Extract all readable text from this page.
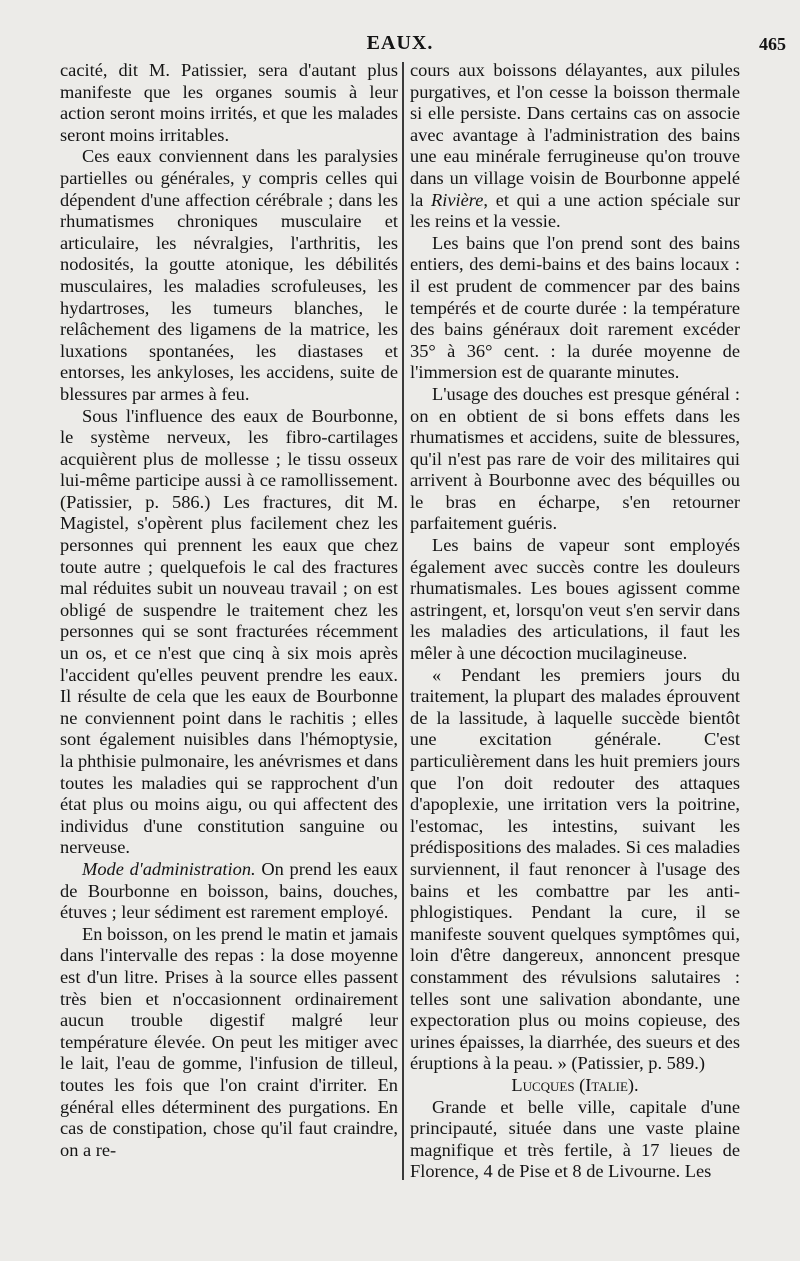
EAUX.	465

cacité, dit M. Patissier, sera d'autant plus manifeste que les organes soumis à leur action seront moins irrités, et que les malades seront moins irritables.

Ces eaux conviennent dans les paralysies partielles ou générales, y compris celles qui dépendent d'une affection cérébrale ; dans les rhumatismes chroniques musculaire et articulaire, les névralgies, l'arthritis, les nodosités, la goutte atonique, les débilités musculaires, les maladies scrofuleuses, les hydartroses, les tumeurs blanches, le relâchement des ligamens de la matrice, les luxations spontanées, les diastases et entorses, les ankyloses, les accidens, suite de blessures par armes à feu.

Sous l'influence des eaux de Bourbonne, le système nerveux, les fibro-cartilages acquièrent plus de mollesse ; le tissu osseux lui-même participe aussi à ce ramollissement. (Patissier, p. 586.) Les fractures, dit M. Magistel, s'opèrent plus facilement chez les personnes qui prennent les eaux que chez toute autre ; quelquefois le cal des fractures mal réduites subit un nouveau travail ; on est obligé de suspendre le traitement chez les personnes qui se sont fracturées récemment un os, et ce n'est que cinq à six mois après l'accident qu'elles peuvent prendre les eaux. Il résulte de cela que les eaux de Bourbonne ne conviennent point dans le rachitis ; elles sont également nuisibles dans l'hémoptysie, la phthisie pulmonaire, les anévrismes et dans toutes les maladies qui se rapprochent d'un état plus ou moins aigu, ou qui affectent des individus d'une constitution sanguine ou nerveuse.

Mode d'administration. On prend les eaux de Bourbonne en boisson, bains, douches, étuves ; leur sédiment est rarement employé.

En boisson, on les prend le matin et jamais dans l'intervalle des repas : la dose moyenne est d'un litre. Prises à la source elles passent très bien et n'occasionnent ordinairement aucun trouble digestif malgré leur température élevée. On peut les mitiger avec le lait, l'eau de gomme, l'infusion de tilleul, toutes les fois que l'on craint d'irriter. En général elles déterminent des purgations. En cas de constipation, chose qu'il faut craindre, on a re-

cours aux boissons délayantes, aux pilules purgatives, et l'on cesse la boisson thermale si elle persiste. Dans certains cas on associe avec avantage à l'administration des bains une eau minérale ferrugineuse qu'on trouve dans un village voisin de Bourbonne appelé la Rivière, et qui a une action spéciale sur les reins et la vessie.

Les bains que l'on prend sont des bains entiers, des demi-bains et des bains locaux : il est prudent de commencer par des bains tempérés et de courte durée : la température des bains généraux doit rarement excéder 35° à 36° cent. : la durée moyenne de l'immersion est de quarante minutes.

L'usage des douches est presque général : on en obtient de si bons effets dans les rhumatismes et accidens, suite de blessures, qu'il n'est pas rare de voir des militaires qui arrivent à Bourbonne avec des béquilles ou le bras en écharpe, s'en retourner parfaitement guéris.

Les bains de vapeur sont employés également avec succès contre les douleurs rhumatismales. Les boues agissent comme astringent, et, lorsqu'on veut s'en servir dans les maladies des articulations, il faut les mêler à une décoction mucilagineuse.

« Pendant les premiers jours du traitement, la plupart des malades éprouvent de la lassitude, à laquelle succède bientôt une excitation générale. C'est particulièrement dans les huit premiers jours que l'on doit redouter des attaques d'apoplexie, une irritation vers la poitrine, l'estomac, les intestins, suivant les prédispositions des malades. Si ces maladies surviennent, il faut renoncer à l'usage des bains et les combattre par les anti-phlogistiques. Pendant la cure, il se manifeste souvent quelques symptômes qui, loin d'être dangereux, annoncent presque constamment des révulsions salutaires : telles sont une salivation abondante, une expectoration plus ou moins copieuse, des urines épaisses, la diarrhée, des sueurs et des éruptions à la peau. » (Patissier, p. 589.)

Lucques (Italie).

Grande et belle ville, capitale d'une principauté, située dans une vaste plaine magnifique et très fertile, à 17 lieues de Florence, 4 de Pise et 8 de Livourne. Les
